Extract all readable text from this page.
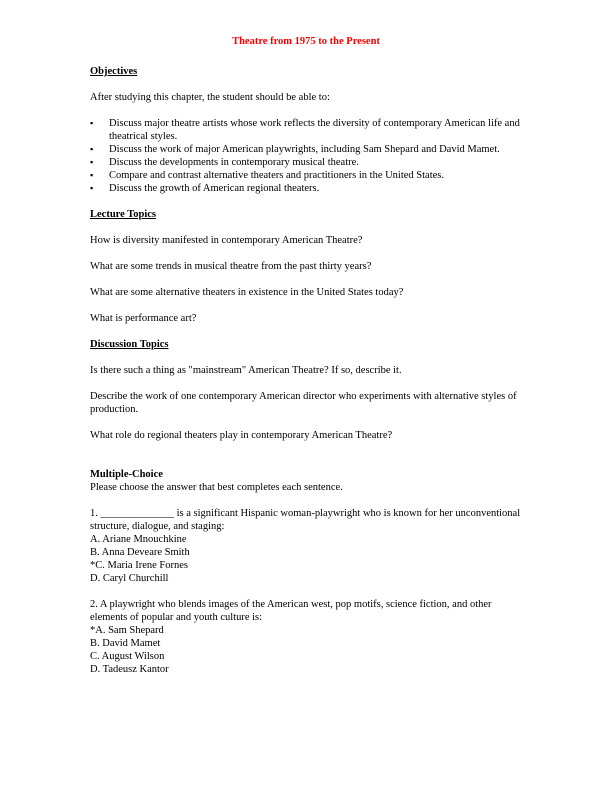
Theatre from 1975 to the Present
Objectives

After studying this chapter, the student should be able to:

▪ Discuss major theatre artists whose work reflects the diversity of contemporary American life and theatrical styles.
▪ Discuss the work of major American playwrights, including Sam Shepard and David Mamet.
▪ Discuss the developments in contemporary musical theatre.
▪ Compare and contrast alternative theaters and practitioners in the United States.
▪ Discuss the growth of American regional theaters.
Lecture Topics

How is diversity manifested in contemporary American Theatre?

What are some trends in musical theatre from the past thirty years?

What are some alternative theaters in existence in the United States today?

What is performance art?

Discussion Topics

Is there such a thing as "mainstream" American Theatre? If so, describe it.

Describe the work of one contemporary American director who experiments with alternative styles of production.

What role do regional theaters play in contemporary American Theatre?

Multiple-Choice

Please choose the answer that best completes each sentence.

1. ______________ is a significant Hispanic woman-playwright who is known for her unconventional structure, dialogue, and staging:
A. Ariane Mnouchkine
B. Anna Deveare Smith
*C. Maria Irene Fornes
D. Caryl Churchill
2. A playwright who blends images of the American west, pop motifs, science fiction, and other elements of popular and youth culture is:
*A. Sam Shepard
B. David Mamet
C. August Wilson
D. Tadeusz Kantor
